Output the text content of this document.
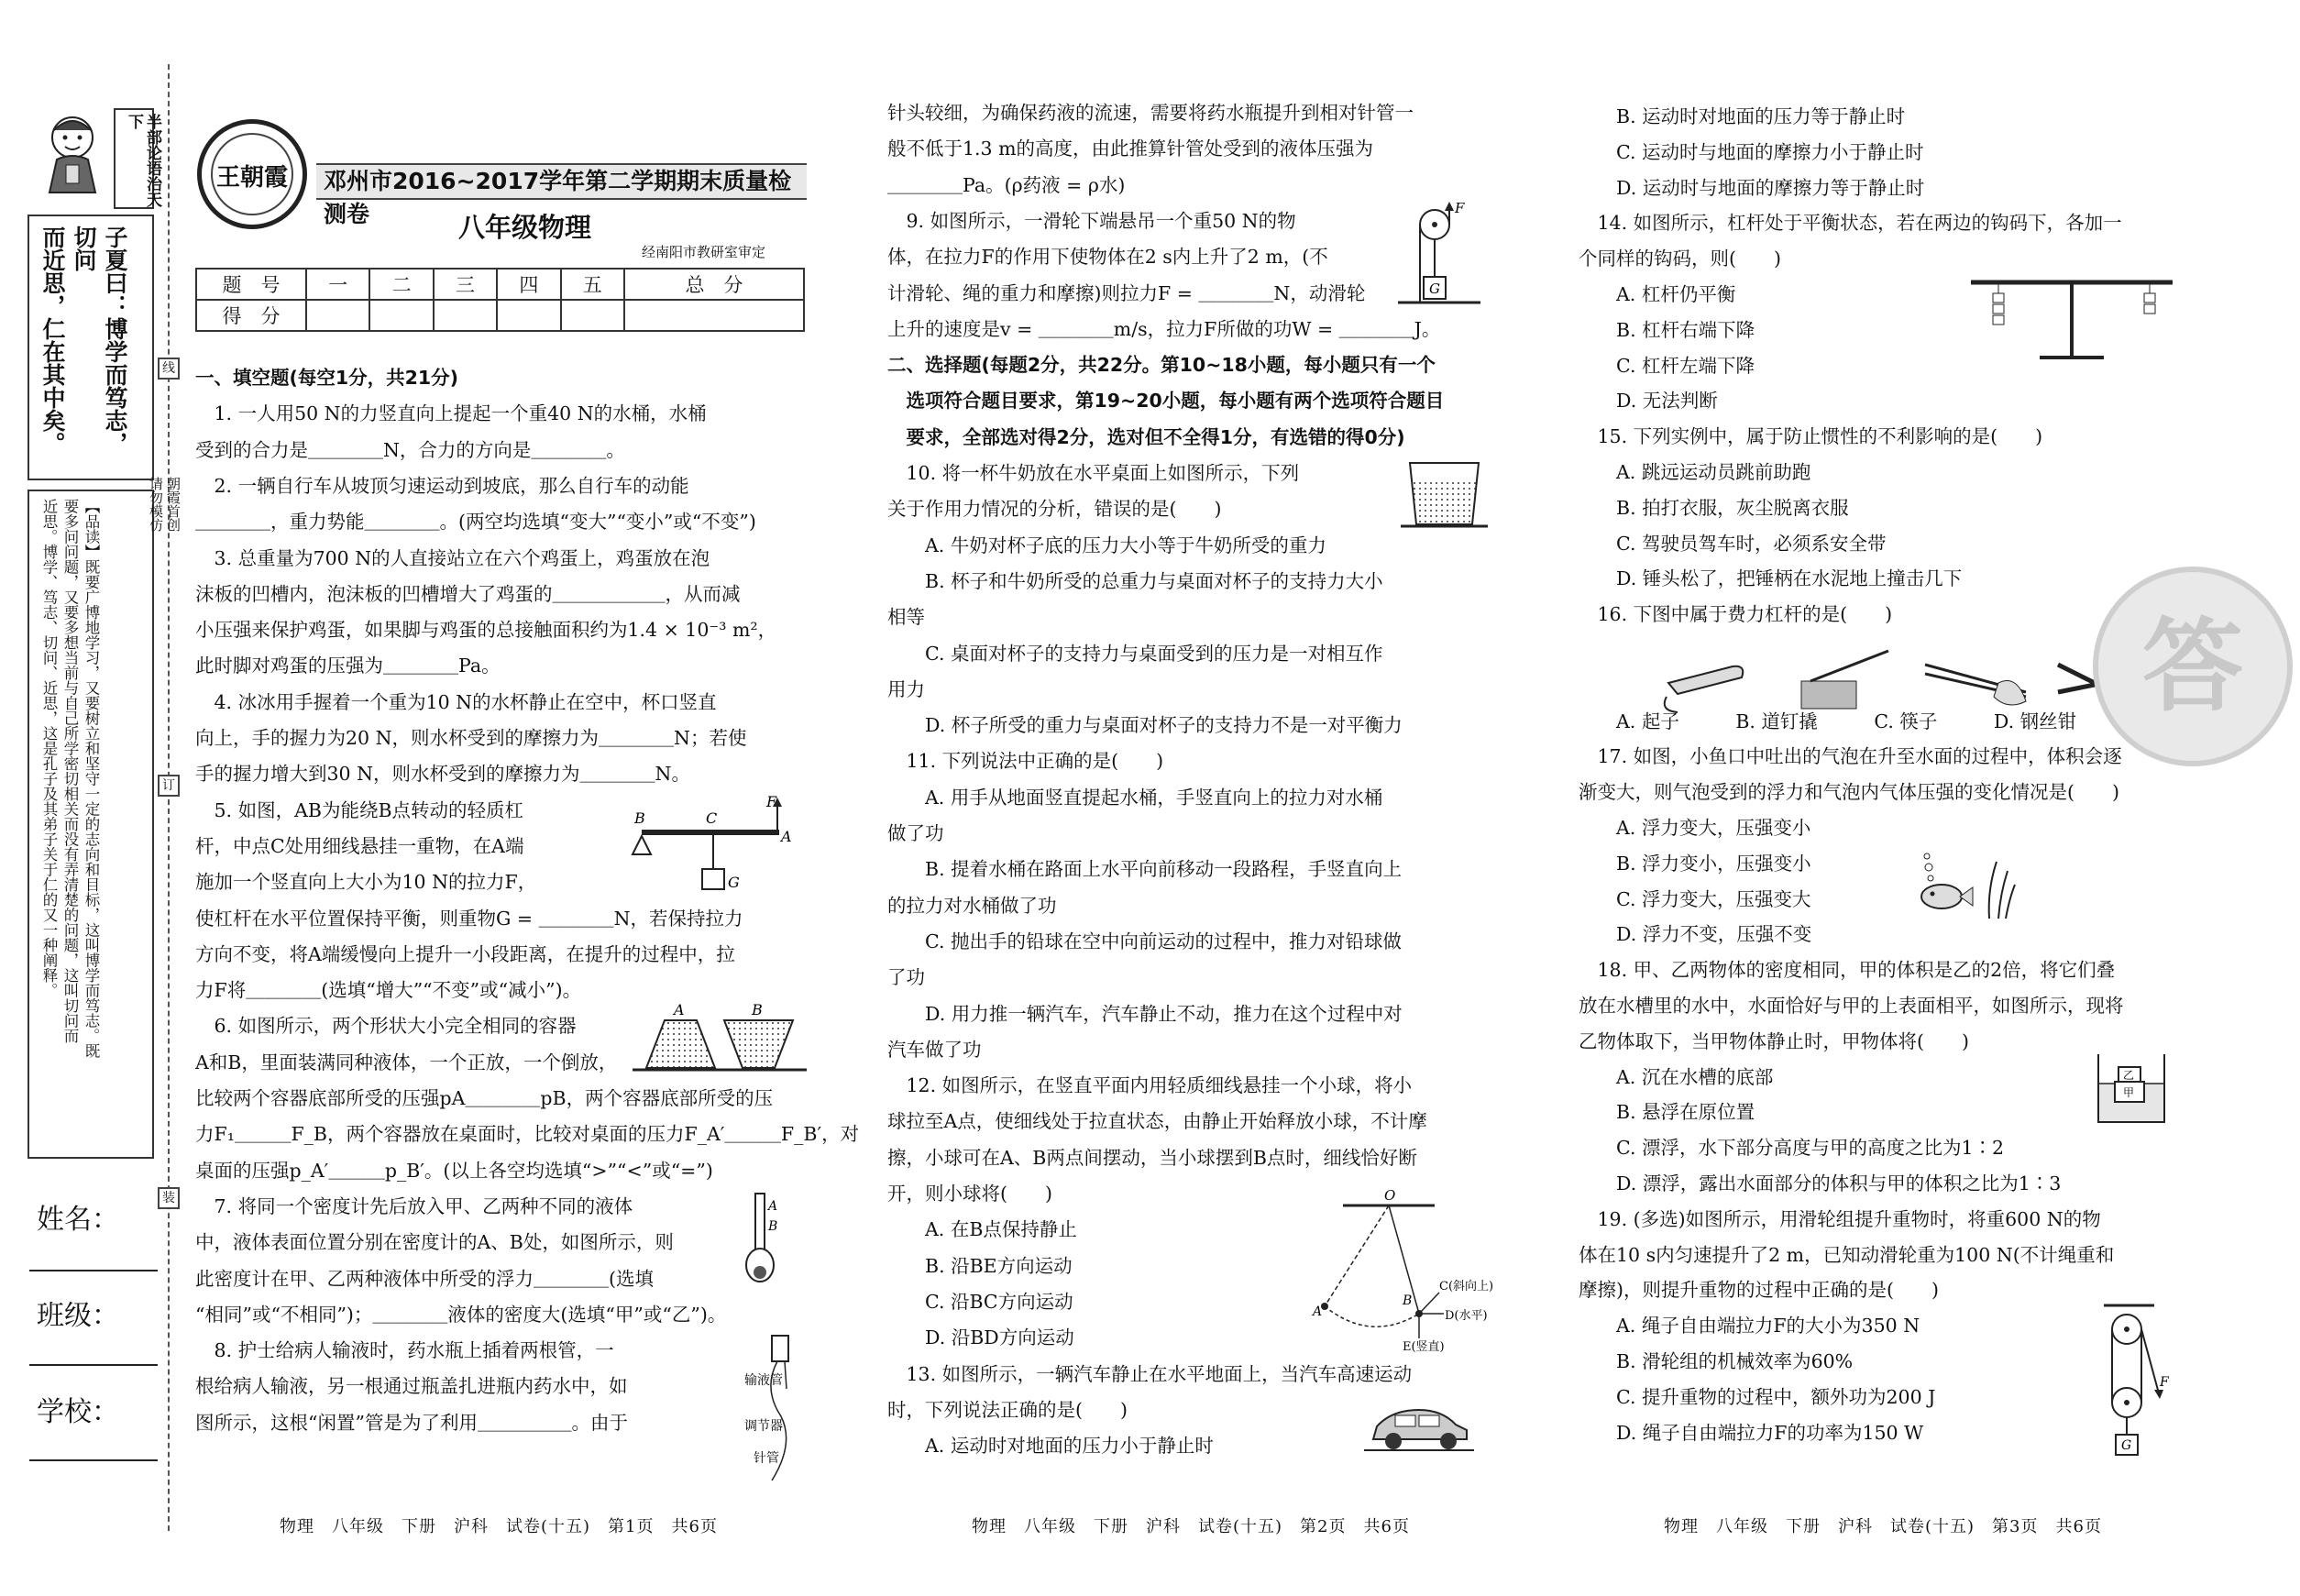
半部论语治天下
子夏曰：博学而笃志，切问
而近思，仁在其中矣。
【品读】既要广博地学习，又要树立和坚守一定的志向和目标，这叫博学而笃志。既
要多问问题，又要多想当前与自己所学密切相关而没有弄清楚的问题，这叫切问而
近思。博学、笃志、切问、近思，这是孔子及其弟子关于仁的又一种阐释。
姓名：
班级：
学校：
线
订
装
朝霞首创
请勿模仿
王朝霞	邓州市2016~2017学年第二学期期末质量检测卷	八年级物理
经南阳市教研室审定
题　号	一	二	三	四	五	总　分
得　分						
一、填空题(每空1分，共21分)
　1. 一人用50 N的力竖直向上提起一个重40 N的水桶，水桶
受到的合力是＿＿＿＿N，合力的方向是＿＿＿＿。
　2. 一辆自行车从坡顶匀速运动到坡底，那么自行车的动能
＿＿＿＿，重力势能＿＿＿＿。(两空均选填“变大”“变小”或“不变”)
　3. 总重量为700 N的人直接站立在六个鸡蛋上，鸡蛋放在泡
沫板的凹槽内，泡沫板的凹槽增大了鸡蛋的＿＿＿＿＿＿，从而减
小压强来保护鸡蛋，如果脚与鸡蛋的总接触面积约为1.4 × 10⁻³ m²，
此时脚对鸡蛋的压强为＿＿＿＿Pa。
　4. 冰冰用手握着一个重为10 N的水杯静止在空中，杯口竖直
向上，手的握力为20 N，则水杯受到的摩擦力为＿＿＿＿N；若使
手的握力增大到30 N，则水杯受到的摩擦力为＿＿＿＿N。
　5. 如图，AB为能绕B点转动的轻质杠
杆，中点C处用细线悬挂一重物，在A端
施加一个竖直向上大小为10 N的拉力F，
使杠杆在水平位置保持平衡，则重物G = ＿＿＿＿N，若保持拉力
方向不变，将A端缓慢向上提升一小段距离，在提升的过程中，拉
力F将＿＿＿＿(选填“增大”“不变”或“减小”)。
　6. 如图所示，两个形状大小完全相同的容器
A和B，里面装满同种液体，一个正放，一个倒放，
比较两个容器底部所受的压强pA＿＿＿＿pB，两个容器底部所受的压
力F₁＿＿＿F_B，两个容器放在桌面时，比较对桌面的压力F_A′＿＿＿F_B′，对
桌面的压强p_A′＿＿＿p_B′。(以上各空均选填“>”“<”或“=”)
　7. 将同一个密度计先后放入甲、乙两种不同的液体
中，液体表面位置分别在密度计的A、B处，如图所示，则
此密度计在甲、乙两种液体中所受的浮力＿＿＿＿(选填
“相同”或“不相同”)；＿＿＿＿液体的密度大(选填“甲”或“乙”)。
　8. 护士给病人输液时，药水瓶上插着两根管，一
根给病人输液，另一根通过瓶盖扎进瓶内药水中，如
图所示，这根“闲置”管是为了利用＿＿＿＿＿。由于
针头较细，为确保药液的流速，需要将药水瓶提升到相对针管一
般不低于1.3 m的高度，由此推算针管处受到的液体压强为
＿＿＿＿Pa。(ρ药液 = ρ水)
　9. 如图所示，一滑轮下端悬吊一个重50 N的物
体，在拉力F的作用下使物体在2 s内上升了2 m，(不
计滑轮、绳的重力和摩擦)则拉力F = ＿＿＿＿N，动滑轮
上升的速度是v = ＿＿＿＿m/s，拉力F所做的功W = ＿＿＿＿J。
二、选择题(每题2分，共22分。第10~18小题，每小题只有一个
　选项符合题目要求，第19~20小题，每小题有两个选项符合题目
　要求，全部选对得2分，选对但不全得1分，有选错的得0分)
　10. 将一杯牛奶放在水平桌面上如图所示，下列
关于作用力情况的分析，错误的是(　　)
　　A. 牛奶对杯子底的压力大小等于牛奶所受的重力
　　B. 杯子和牛奶所受的总重力与桌面对杯子的支持力大小
相等
　　C. 桌面对杯子的支持力与桌面受到的压力是一对相互作
用力
　　D. 杯子所受的重力与桌面对杯子的支持力不是一对平衡力
　11. 下列说法中正确的是(　　)
　　A. 用手从地面竖直提起水桶，手竖直向上的拉力对水桶
做了功
　　B. 提着水桶在路面上水平向前移动一段路程，手竖直向上
的拉力对水桶做了功
　　C. 抛出手的铅球在空中向前运动的过程中，推力对铅球做
了功
　　D. 用力推一辆汽车，汽车静止不动，推力在这个过程中对
汽车做了功
　12. 如图所示，在竖直平面内用轻质细线悬挂一个小球，将小
球拉至A点，使细线处于拉直状态，由静止开始释放小球，不计摩
擦，小球可在A、B两点间摆动，当小球摆到B点时，细线恰好断
开，则小球将(　　)
　　A. 在B点保持静止
　　B. 沿BE方向运动
　　C. 沿BC方向运动
　　D. 沿BD方向运动
　13. 如图所示，一辆汽车静止在水平地面上，当汽车高速运动
时，下列说法正确的是(　　)
　　A. 运动时对地面的压力小于静止时
　　B. 运动时对地面的压力等于静止时
　　C. 运动时与地面的摩擦力小于静止时
　　D. 运动时与地面的摩擦力等于静止时
　14. 如图所示，杠杆处于平衡状态，若在两边的钩码下，各加一
个同样的钩码，则(　　)
　　A. 杠杆仍平衡
　　B. 杠杆右端下降
　　C. 杠杆左端下降
　　D. 无法判断
　15. 下列实例中，属于防止惯性的不利影响的是(　　)
　　A. 跳远运动员跳前助跑
　　B. 拍打衣服，灰尘脱离衣服
　　C. 驾驶员驾车时，必须系安全带
　　D. 锤头松了，把锤柄在水泥地上撞击几下
　16. 下图中属于费力杠杆的是(　　)
　　A. 起子　　　B. 道钉撬　　　C. 筷子　　　D. 钢丝钳
　17. 如图，小鱼口中吐出的气泡在升至水面的过程中，体积会逐
渐变大，则气泡受到的浮力和气泡内气体压强的变化情况是(　　)
　　A. 浮力变大，压强变小
　　B. 浮力变小，压强变小
　　C. 浮力变大，压强变大
　　D. 浮力不变，压强不变
　18. 甲、乙两物体的密度相同，甲的体积是乙的2倍，将它们叠
放在水槽里的水中，水面恰好与甲的上表面相平，如图所示，现将
乙物体取下，当甲物体静止时，甲物体将(　　)
　　A. 沉在水槽的底部
　　B. 悬浮在原位置
　　C. 漂浮，水下部分高度与甲的高度之比为1∶2
　　D. 漂浮，露出水面部分的体积与甲的体积之比为1∶3
　19. (多选)如图所示，用滑轮组提升重物时，将重600 N的物
体在10 s内匀速提升了2 m，已知动滑轮重为100 N(不计绳重和
摩擦)，则提升重物的过程中正确的是(　　)
　　A. 绳子自由端拉力F的大小为350 N
　　B. 滑轮组的机械效率为60%
　　C. 提升重物的过程中，额外功为200 J
　　D. 绳子自由端拉力F的功率为150 W
B	C
A
F
G
A	B
A
B
输液管
调节器
针管
F
G
O
A
B
C(斜向上)
D(水平)
E(竖直)
答
乙
甲
F
G
物理　八年级　下册　沪科　试卷(十五)　第1页　共6页	物理　八年级　下册　沪科　试卷(十五)　第2页　共6页	物理　八年级　下册　沪科　试卷(十五)　第3页　共6页
